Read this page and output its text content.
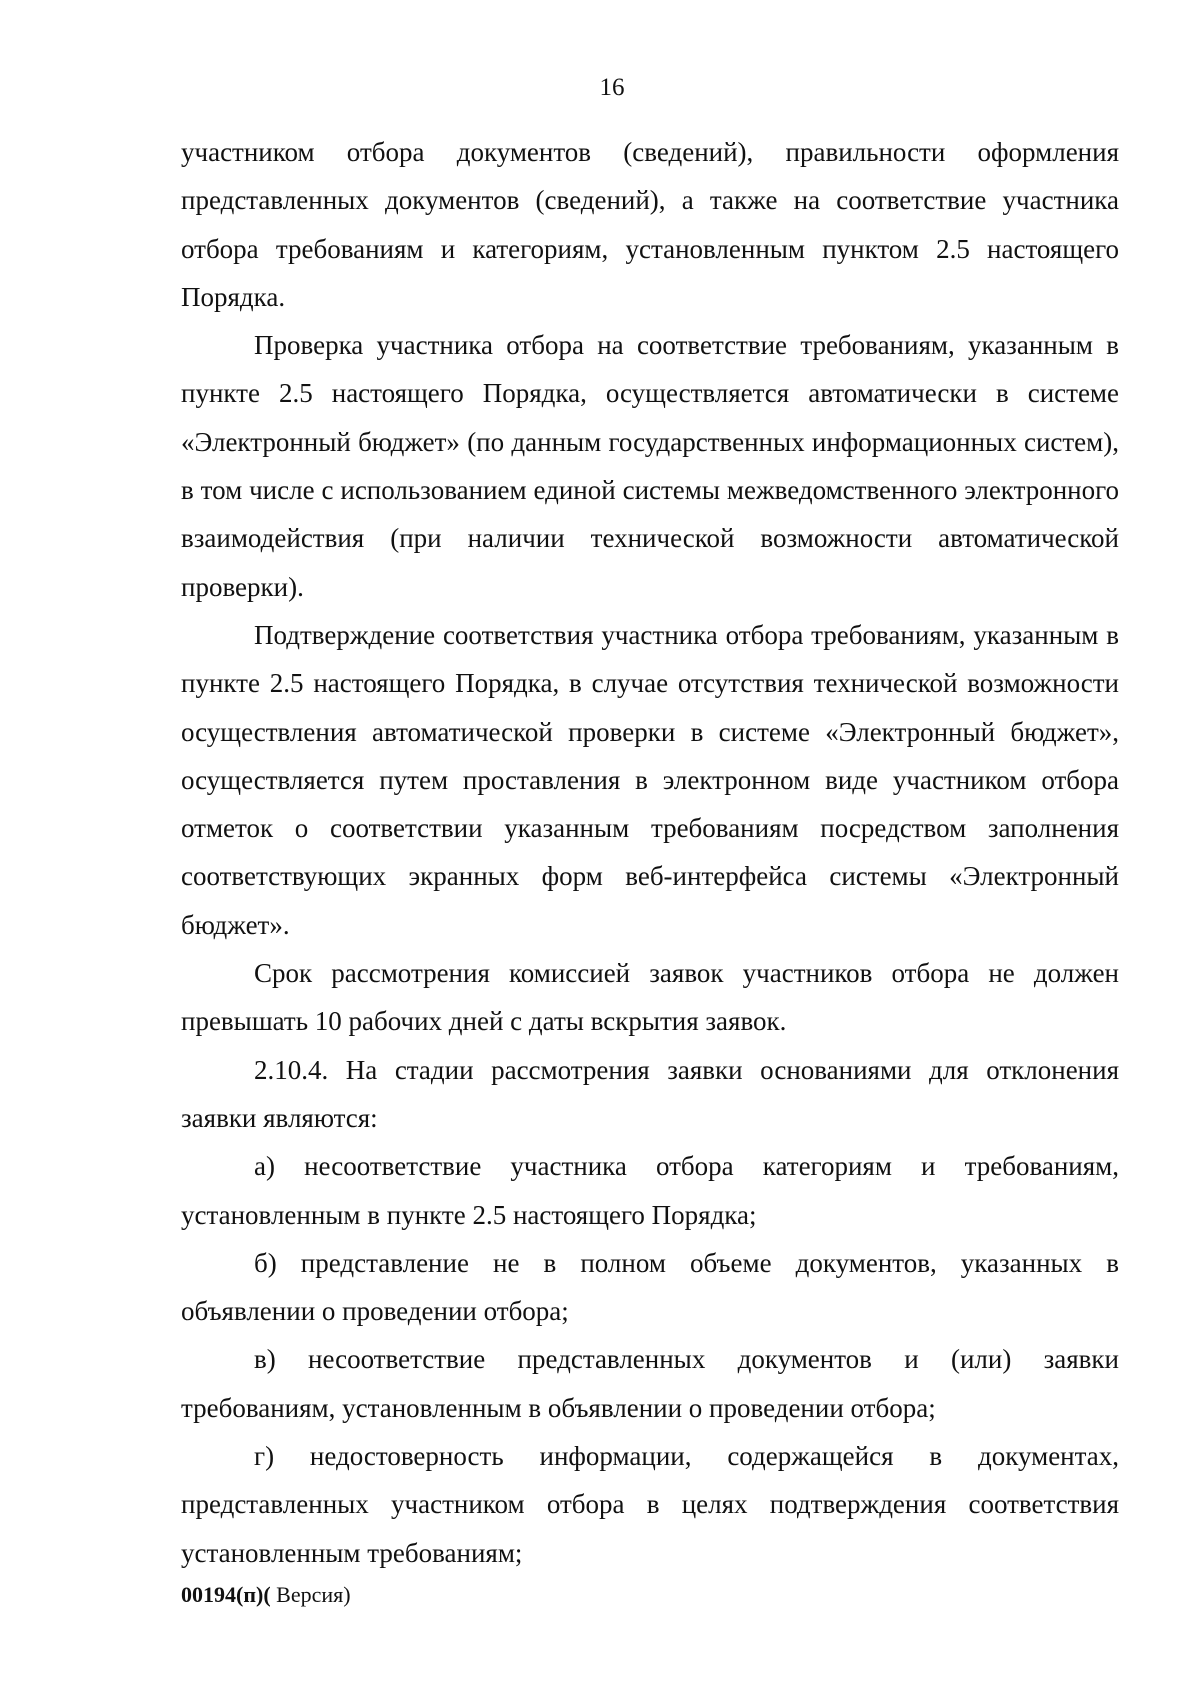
16

участником отбора документов (сведений), правильности оформления представленных документов (сведений), а также на соответствие участника отбора требованиям и категориям, установленным пунктом 2.5 настоящего Порядка.

Проверка участника отбора на соответствие требованиям, указанным в пункте 2.5 настоящего Порядка, осуществляется автоматически в системе «Электронный бюджет» (по данным государственных информационных систем), в том числе с использованием единой системы межведомственного электронного взаимодействия (при наличии технической возможности автоматической проверки).

Подтверждение соответствия участника отбора требованиям, указанным в пункте 2.5 настоящего Порядка, в случае отсутствия технической возможности осуществления автоматической проверки в системе «Электронный бюджет», осуществляется путем проставления в электронном виде участником отбора отметок о соответствии указанным требованиям посредством заполнения соответствующих экранных форм веб-интерфейса системы «Электронный бюджет».

Срок рассмотрения комиссией заявок участников отбора не должен превышать 10 рабочих дней с даты вскрытия заявок.

2.10.4. На стадии рассмотрения заявки основаниями для отклонения заявки являются:

а) несоответствие участника отбора категориям и требованиям, установленным в пункте 2.5 настоящего Порядка;

б) представление не в полном объеме документов, указанных в объявлении о проведении отбора;

в) несоответствие представленных документов и (или) заявки требованиям, установленным в объявлении о проведении отбора;

г) недостоверность информации, содержащейся в документах, представленных участником отбора в целях подтверждения соответствия установленным требованиям;

00194(п)( Версия)
